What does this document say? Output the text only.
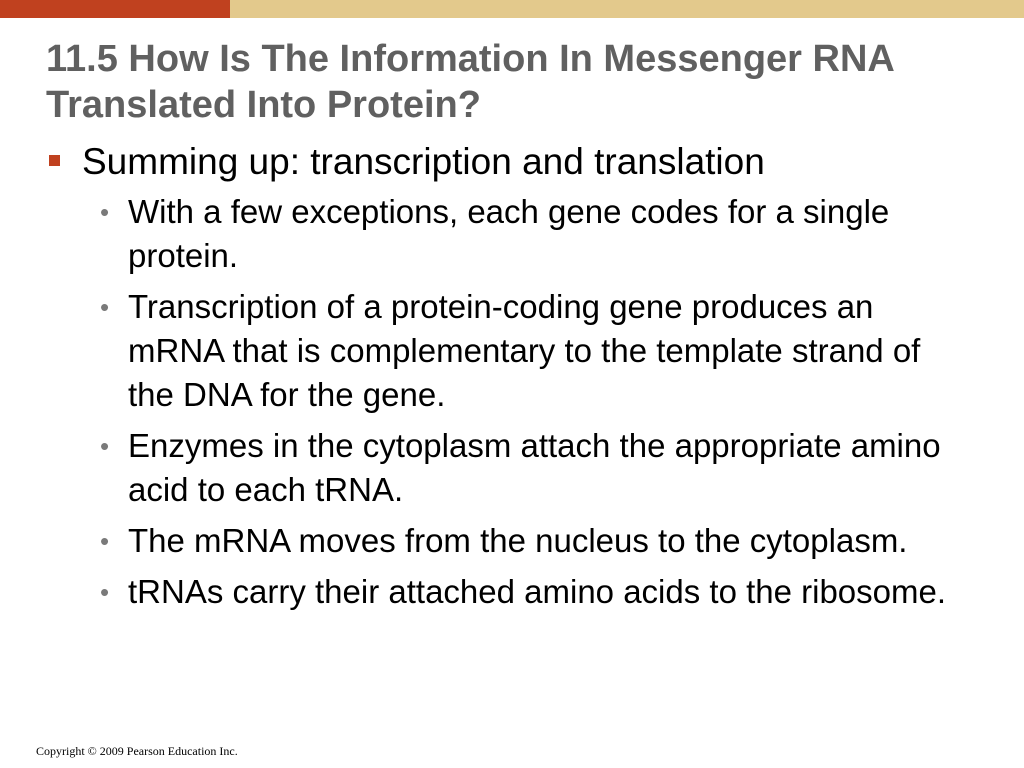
11.5 How Is The Information In Messenger RNA Translated Into Protein?
Summing up: transcription and translation
• With a few exceptions, each gene codes for a single protein.
• Transcription of a protein-coding gene produces an mRNA that is complementary to the template strand of the DNA for the gene.
• Enzymes in the cytoplasm attach the appropriate amino acid to each tRNA.
• The mRNA moves from the nucleus to the cytoplasm.
• tRNAs carry their attached amino acids to the ribosome.
Copyright © 2009 Pearson Education Inc.
